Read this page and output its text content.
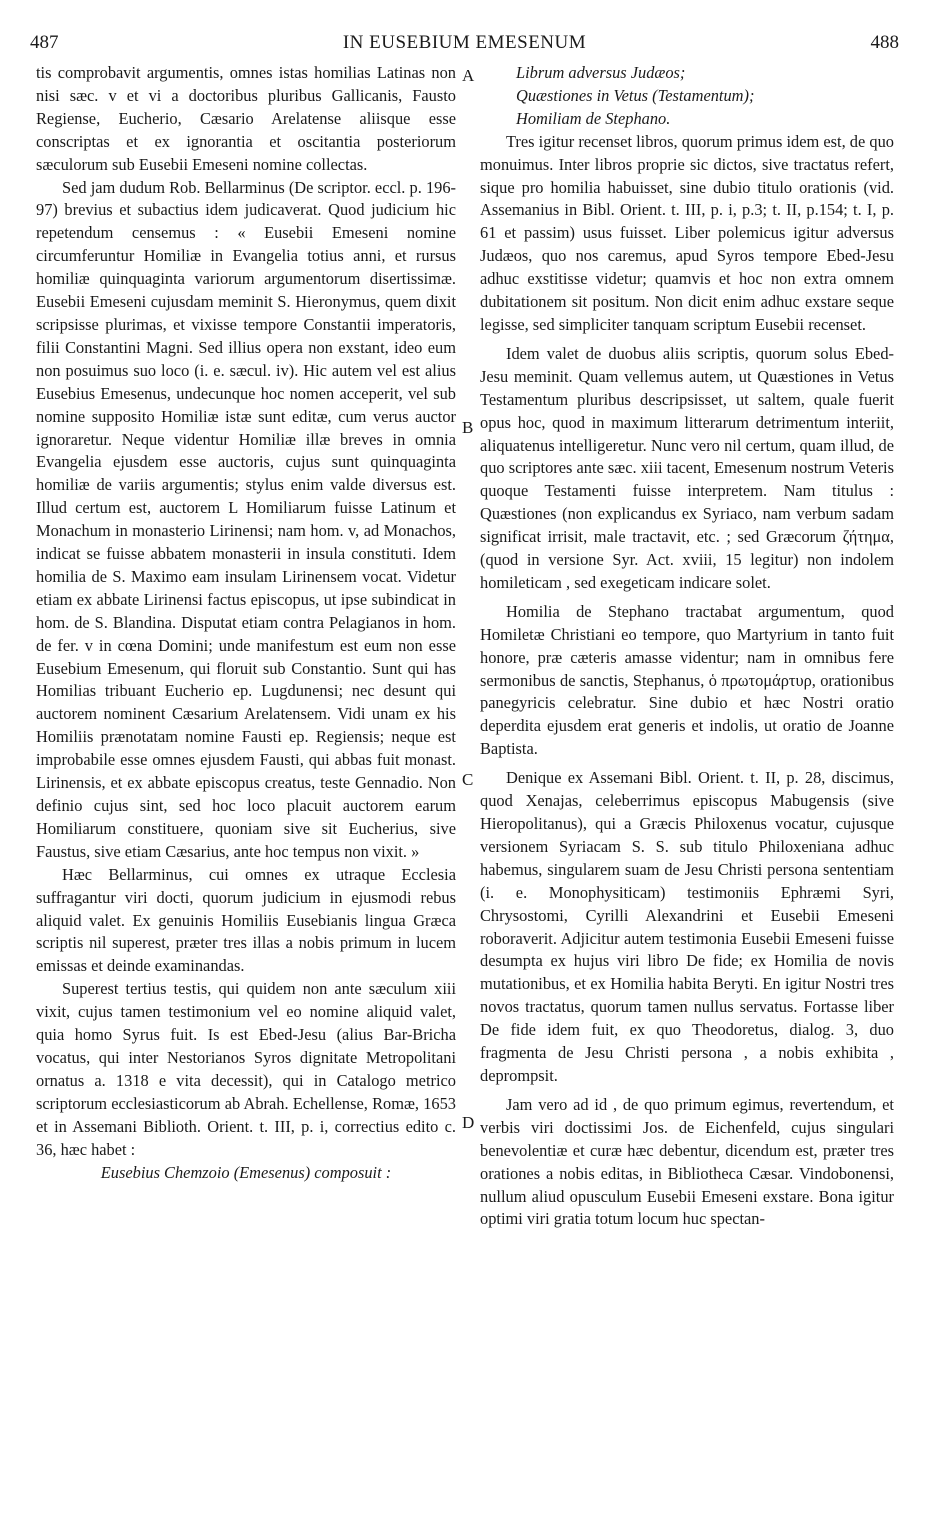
487	IN EUSEBIUM EMESENUM	488

tis comprobavit argumentis, omnes istas homilias Latinas non nisi sæc. v et vi a doctoribus pluribus Gallicanis, Fausto Regiense, Eucherio, Cæsario Arelatense aliisque esse conscriptas et ex ignorantia et oscitantia posteriorum sæculorum sub Eusebii Emeseni nomine collectas.

Sed jam dudum Rob. Bellarminus (De scriptor. eccl. p. 196-97) brevius et subactius idem judicaverat. Quod judicium hic repetendum censemus : « Eusebii Emeseni nomine circumferuntur Homiliæ in Evangelia totius anni, et rursus homiliæ quinquaginta variorum argumentorum disertissimæ. Eusebii Emeseni cujusdam meminit S. Hieronymus, quem dixit scripsisse plurimas, et vixisse tempore Constantii imperatoris, filii Constantini Magni. Sed illius opera non exstant, ideo eum non posuimus suo loco (i. e. sæcul. iv). Hic autem vel est alius Eusebius Emesenus, undecunque hoc nomen acceperit, vel sub nomine supposito Homiliæ istæ sunt editæ, cum verus auctor ignoraretur. Neque videntur Homiliæ illæ breves in omnia Evangelia ejusdem esse auctoris, cujus sunt quinquaginta homiliæ de variis argumentis; stylus enim valde diversus est. Illud certum est, auctorem L Homiliarum fuisse Latinum et Monachum in monasterio Lirinensi; nam hom. v, ad Monachos, indicat se fuisse abbatem monasterii in insula constituti. Idem homilia de S. Maximo eam insulam Lirinensem vocat. Videtur etiam ex abbate Lirinensi factus episcopus, ut ipse subindicat in hom. de S. Blandina. Disputat etiam contra Pelagianos in hom. de fer. v in cœna Domini; unde manifestum est eum non esse Eusebium Emesenum, qui floruit sub Constantio. Sunt qui has Homilias tribuant Eucherio ep. Lugdunensi; nec desunt qui auctorem nominent Cæsarium Arelatensem. Vidi unam ex his Homiliis prænotatam nomine Fausti ep. Regiensis; neque est improbabile esse omnes ejusdem Fausti, qui abbas fuit monast. Lirinensis, et ex abbate episcopus creatus, teste Gennadio. Non definio cujus sint, sed hoc loco placuit auctorem earum Homiliarum constituere, quoniam sive sit Eucherius, sive Faustus, sive etiam Cæsarius, ante hoc tempus non vixit. »

Hæc Bellarminus, cui omnes ex utraque Ecclesia suffragantur viri docti, quorum judicium in ejusmodi rebus aliquid valet. Ex genuinis Homiliis Eusebianis lingua Græca scriptis nil superest, præter tres illas a nobis primum in lucem emissas et deinde examinandas.

Superest tertius testis, qui quidem non ante sæculum xiii vixit, cujus tamen testimonium vel eo nomine aliquid valet, quia homo Syrus fuit. Is est Ebed-Jesu (alius Bar-Bricha vocatus, qui inter Nestorianos Syros dignitate Metropolitani ornatus a. 1318 e vita decessit), qui in Catalogo metrico scriptorum ecclesiasticorum ab Abrah. Echellense, Romæ, 1653 et in Assemani Biblioth. Orient. t. III, p. i, correctius edito c. 36, hæc habet :

Eusebius Chemzoio (Emesenus) composuit :

A
B
C
D

Librum adversus Judæos;

Quæstiones in Vetus (Testamentum);

Homiliam de Stephano.

Tres igitur recenset libros, quorum primus idem est, de quo monuimus. Inter libros proprie sic dictos, sive tractatus refert, sique pro homilia habuisset, sine dubio titulo orationis (vid. Assemanius in Bibl. Orient. t. III, p. i, p.3; t. II, p.154; t. I, p. 61 et passim) usus fuisset. Liber polemicus igitur adversus Judæos, quo nos caremus, apud Syros tempore Ebed-Jesu adhuc exstitisse videtur; quamvis et hoc non extra omnem dubitationem sit positum. Non dicit enim adhuc exstare seque legisse, sed simpliciter tanquam scriptum Eusebii recenset.

Idem valet de duobus aliis scriptis, quorum solus Ebed-Jesu meminit. Quam vellemus autem, ut Quæstiones in Vetus Testamentum pluribus descripsisset, ut saltem, quale fuerit opus hoc, quod in maximum litterarum detrimentum interiit, aliquatenus intelligeretur. Nunc vero nil certum, quam illud, de quo scriptores ante sæc. xiii tacent, Emesenum nostrum Veteris quoque Testamenti fuisse interpretem. Nam titulus : Quæstiones (non explicandus ex Syriaco, nam verbum sadam significat irrisit, male tractavit, etc. ; sed Græcorum ζήτημα, (quod in versione Syr. Act. xviii, 15 legitur) non indolem homileticam , sed exegeticam indicare solet.

Homilia de Stephano tractabat argumentum, quod Homiletæ Christiani eo tempore, quo Martyrium in tanto fuit honore, præ cæteris amasse videntur; nam in omnibus fere sermonibus de sanctis, Stephanus, ὁ πρωτομάρτυρ, orationibus panegyricis celebratur. Sine dubio et hæc Nostri oratio deperdita ejusdem erat generis et indolis, ut oratio de Joanne Baptista.

Denique ex Assemani Bibl. Orient. t. II, p. 28, discimus, quod Xenajas, celeberrimus episcopus Mabugensis (sive Hieropolitanus), qui a Græcis Philoxenus vocatur, cujusque versionem Syriacam S. S. sub titulo Philoxeniana adhuc habemus, singularem suam de Jesu Christi persona sententiam (i. e. Monophysiticam) testimoniis Ephræmi Syri, Chrysostomi, Cyrilli Alexandrini et Eusebii Emeseni roboraverit. Adjicitur autem testimonia Eusebii Emeseni fuisse desumpta ex hujus viri libro De fide; ex Homilia de novis mutationibus, et ex Homilia habita Beryti. En igitur Nostri tres novos tractatus, quorum tamen nullus servatus. Fortasse liber De fide idem fuit, ex quo Theodoretus, dialog. 3, duo fragmenta de Jesu Christi persona , a nobis exhibita , deprompsit.

Jam vero ad id , de quo primum egimus, revertendum, et verbis viri doctissimi Jos. de Eichenfeld, cujus singulari benevolentiæ et curæ hæc debentur, dicendum est, præter tres orationes a nobis editas, in Bibliotheca Cæsar. Vindobonensi, nullum aliud opusculum Eusebii Emeseni exstare. Bona igitur optimi viri gratia totum locum huc spectan-
